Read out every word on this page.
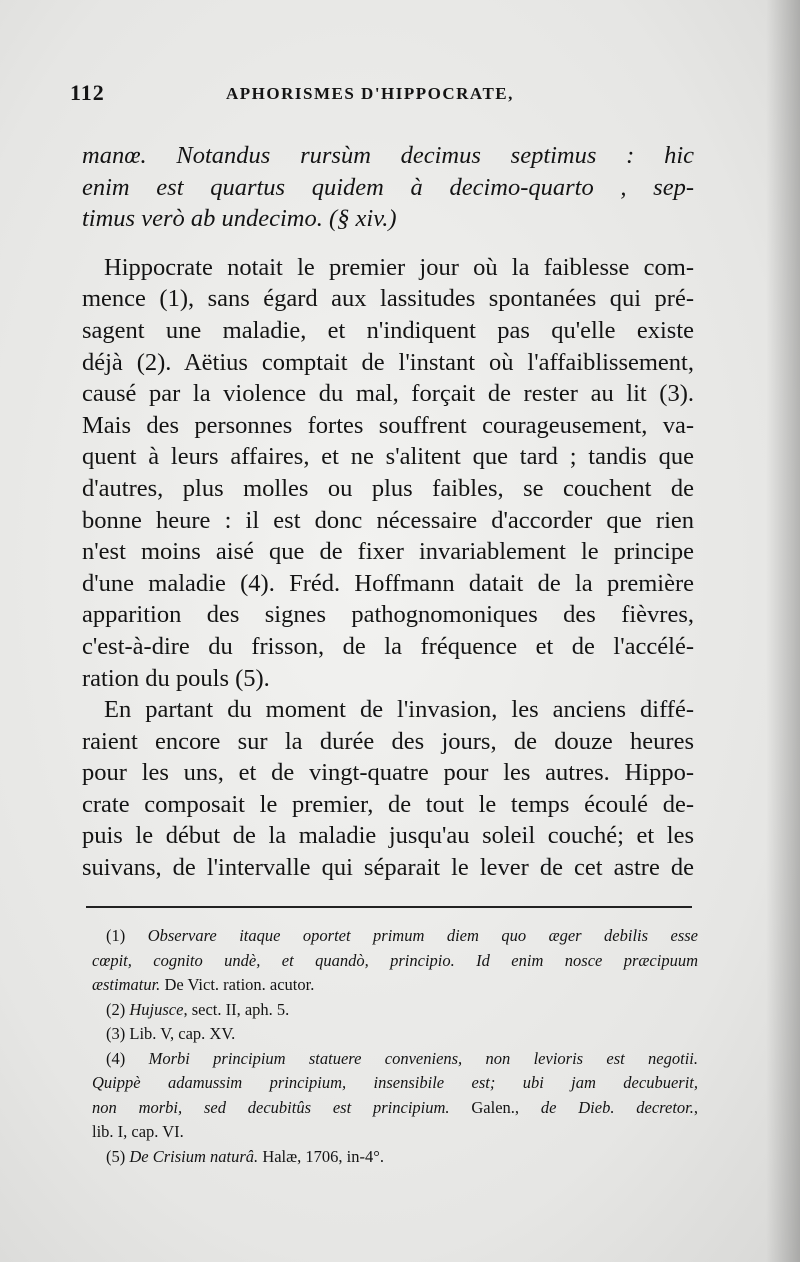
112	APHORISMES D'HIPPOCRATE,
manœ. Notandus rursùm decimus septimus : hic
enim est quartus quidem à decimo-quarto , sep-
timus verò ab undecimo. (§ xiv.)
Hippocrate notait le premier jour où la faiblesse com-
mence (1), sans égard aux lassitudes spontanées qui pré-
sagent une maladie, et n'indiquent pas qu'elle existe
déjà (2). Aëtius comptait de l'instant où l'affaiblissement,
causé par la violence du mal, forçait de rester au lit (3).
Mais des personnes fortes souffrent courageusement, va-
quent à leurs affaires, et ne s'alitent que tard ; tandis que
d'autres, plus molles ou plus faibles, se couchent de
bonne heure : il est donc nécessaire d'accorder que rien
n'est moins aisé que de fixer invariablement le principe
d'une maladie (4). Fréd. Hoffmann datait de la première
apparition des signes pathognomoniques des fièvres,
c'est-à-dire du frisson, de la fréquence et de l'accélé-
ration du pouls (5).
En partant du moment de l'invasion, les anciens diffé-
raient encore sur la durée des jours, de douze heures
pour les uns, et de vingt-quatre pour les autres. Hippo-
crate composait le premier, de tout le temps écoulé de-
puis le début de la maladie jusqu'au soleil couché; et les
suivans, de l'intervalle qui séparait le lever de cet astre de
(1) Observare itaque oportet primum diem quo æger debilis esse
cœpit, cognito undè, et quandò, principio. Id enim nosce præcipuum
æstimatur. De Vict. ration. acutor.
(2) Hujusce, sect. II, aph. 5.
(3) Lib. V, cap. XV.
(4) Morbi principium statuere conveniens, non levioris est negotii.
Quippè adamussim principium, insensibile est; ubi jam decubuerit,
non morbi, sed decubitûs est principium. Galen., de Dieb. decretor.,
lib. I, cap. VI.
(5) De Crisium naturâ. Halæ, 1706, in-4°.
